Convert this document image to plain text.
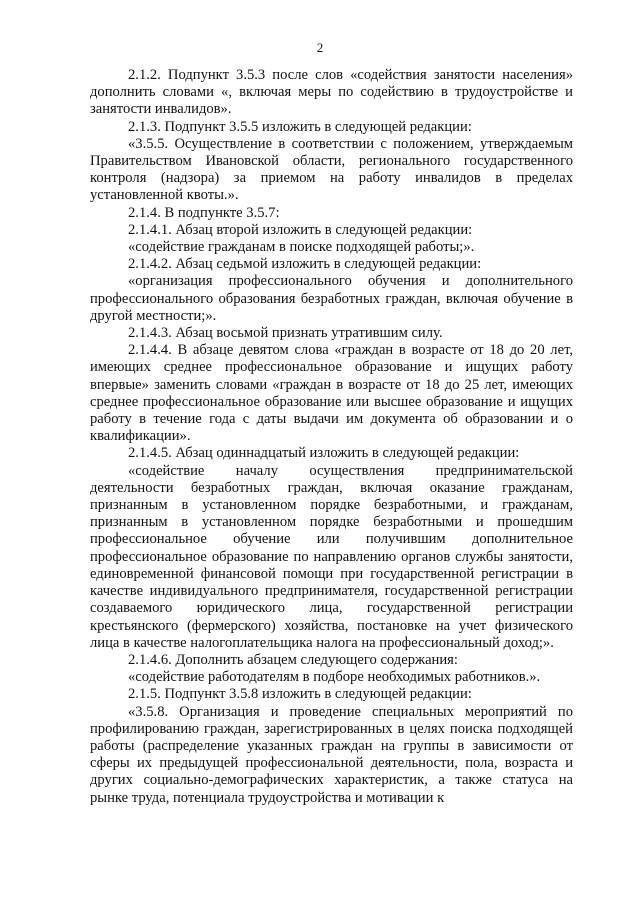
2

2.1.2. Подпункт 3.5.3 после слов «содействия занятости населения» дополнить словами «, включая меры по содействию в трудоустройстве и занятости инвалидов».

2.1.3. Подпункт 3.5.5 изложить в следующей редакции:

«3.5.5. Осуществление в соответствии с положением, утверждаемым Правительством Ивановской области, регионального государственного контроля (надзора) за приемом на работу инвалидов в пределах установленной квоты.».

2.1.4. В подпункте 3.5.7:

2.1.4.1. Абзац второй изложить в следующей редакции:

«содействие гражданам в поиске подходящей работы;».

2.1.4.2. Абзац седьмой изложить в следующей редакции:

«организация профессионального обучения и дополнительного профессионального образования безработных граждан, включая обучение в другой местности;».

2.1.4.3. Абзац восьмой признать утратившим силу.

2.1.4.4. В абзаце девятом слова «граждан в возрасте от 18 до 20 лет, имеющих среднее профессиональное образование и ищущих работу впервые» заменить словами «граждан в возрасте от 18 до 25 лет, имеющих среднее профессиональное образование или высшее образование и ищущих работу в течение года с даты выдачи им документа об образовании и о квалификации».

2.1.4.5. Абзац одиннадцатый изложить в следующей редакции:

«содействие началу осуществления предпринимательской деятельности безработных граждан, включая оказание гражданам, признанным в установленном порядке безработными, и гражданам, признанным в установленном порядке безработными и прошедшим профессиональное обучение или получившим дополнительное профессиональное образование по направлению органов службы занятости, единовременной финансовой помощи при государственной регистрации в качестве индивидуального предпринимателя, государственной регистрации создаваемого юридического лица, государственной регистрации крестьянского (фермерского) хозяйства, постановке на учет физического лица в качестве налогоплательщика налога на профессиональный доход;».

2.1.4.6. Дополнить абзацем следующего содержания:

«содействие работодателям в подборе необходимых работников.».

2.1.5. Подпункт 3.5.8 изложить в следующей редакции:

«3.5.8. Организация и проведение специальных мероприятий по профилированию граждан, зарегистрированных в целях поиска подходящей работы (распределение указанных граждан на группы в зависимости от сферы их предыдущей профессиональной деятельности, пола, возраста и других социально-демографических характеристик, а также статуса на рынке труда, потенциала трудоустройства и мотивации к
